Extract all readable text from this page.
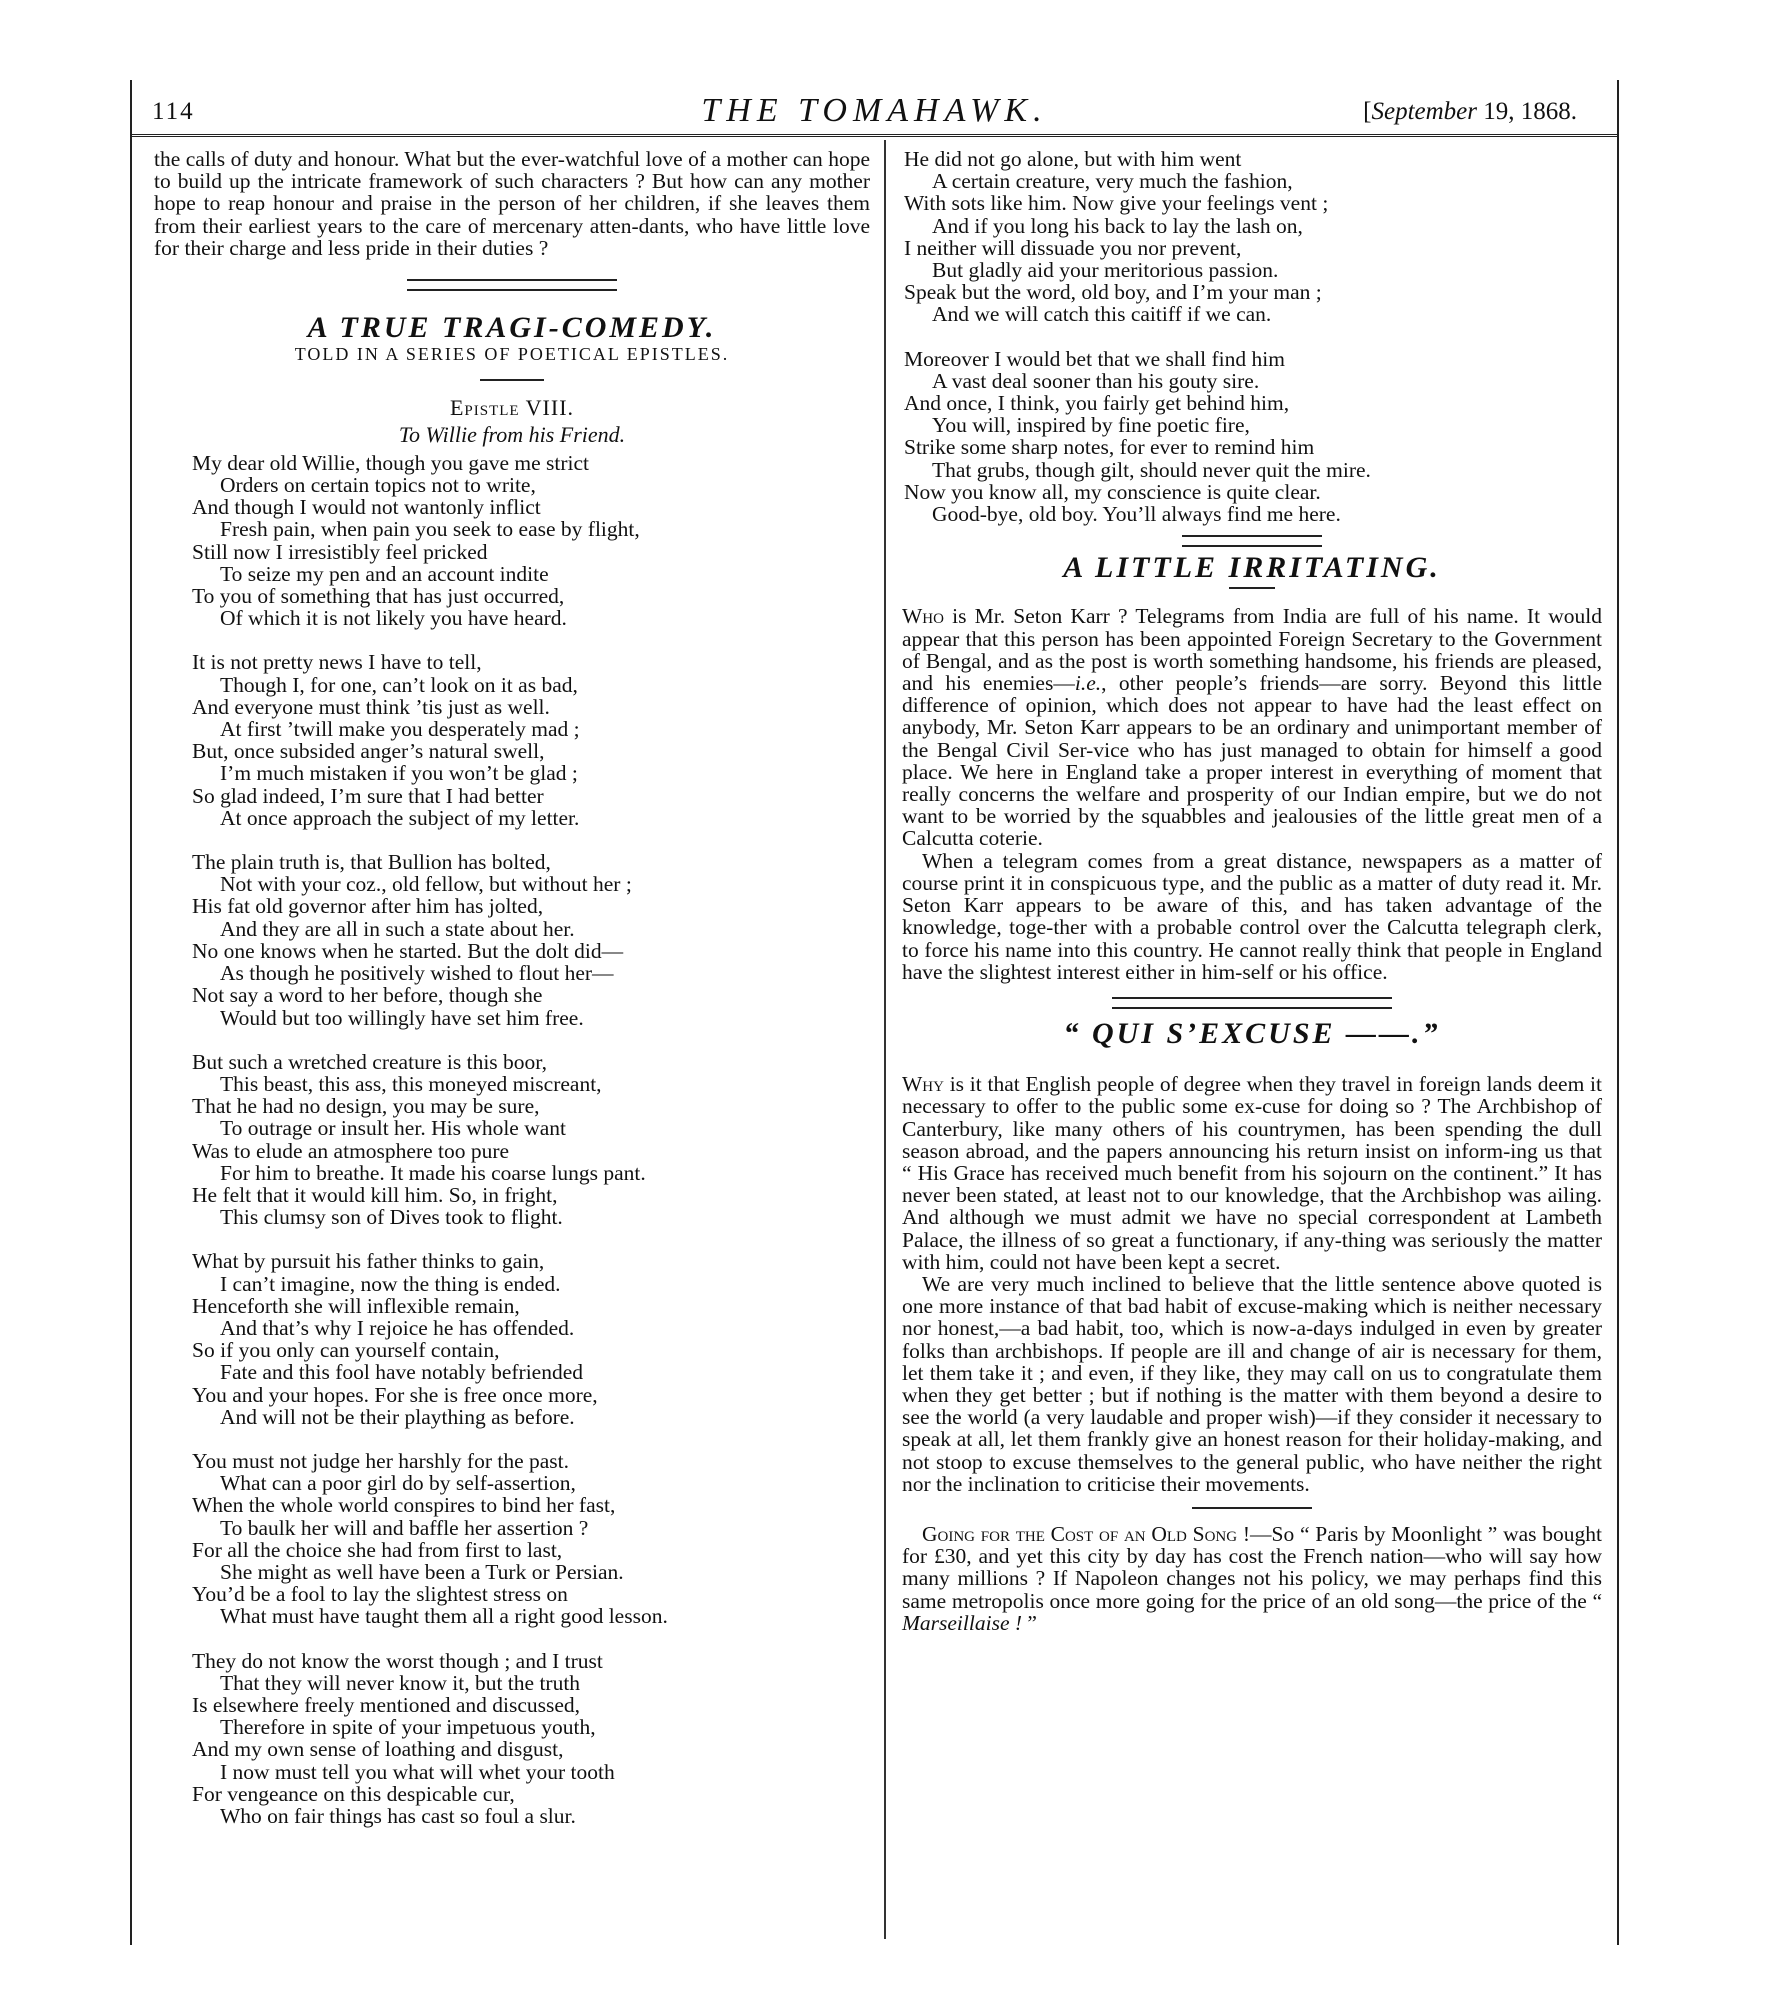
114	THE TOMAHAWK.	[September 19, 1868.

the calls of duty and honour. What but the ever-watchful love of a mother can hope to build up the intricate framework of such characters ? But how can any mother hope to reap honour and praise in the person of her children, if she leaves them from their earliest years to the care of mercenary atten-dants, who have little love for their charge and less pride in their duties ?

A TRUE TRAGI-COMEDY.

TOLD IN A SERIES OF POETICAL EPISTLES.

Epistle VIII.

To Willie from his Friend.

My dear old Willie, though you gave me strict
Orders on certain topics not to write,
And though I would not wantonly inflict
Fresh pain, when pain you seek to ease by flight,
Still now I irresistibly feel pricked
To seize my pen and an account indite
To you of something that has just occurred,
Of which it is not likely you have heard.
It is not pretty news I have to tell,
Though I, for one, can’t look on it as bad,
And everyone must think ’tis just as well.
At first ’twill make you desperately mad ;
But, once subsided anger’s natural swell,
I’m much mistaken if you won’t be glad ;
So glad indeed, I’m sure that I had better
At once approach the subject of my letter.
The plain truth is, that Bullion has bolted,
Not with your coz., old fellow, but without her ;
His fat old governor after him has jolted,
And they are all in such a state about her.
No one knows when he started. But the dolt did—
As though he positively wished to flout her—
Not say a word to her before, though she
Would but too willingly have set him free.
But such a wretched creature is this boor,
This beast, this ass, this moneyed miscreant,
That he had no design, you may be sure,
To outrage or insult her. His whole want
Was to elude an atmosphere too pure
For him to breathe. It made his coarse lungs pant.
He felt that it would kill him. So, in fright,
This clumsy son of Dives took to flight.
What by pursuit his father thinks to gain,
I can’t imagine, now the thing is ended.
Henceforth she will inflexible remain,
And that’s why I rejoice he has offended.
So if you only can yourself contain,
Fate and this fool have notably befriended
You and your hopes. For she is free once more,
And will not be their plaything as before.
You must not judge her harshly for the past.
What can a poor girl do by self-assertion,
When the whole world conspires to bind her fast,
To baulk her will and baffle her assertion ?
For all the choice she had from first to last,
She might as well have been a Turk or Persian.
You’d be a fool to lay the slightest stress on
What must have taught them all a right good lesson.
They do not know the worst though ; and I trust
That they will never know it, but the truth
Is elsewhere freely mentioned and discussed,
Therefore in spite of your impetuous youth,
And my own sense of loathing and disgust,
I now must tell you what will whet your tooth
For vengeance on this despicable cur,
Who on fair things has cast so foul a slur.
He did not go alone, but with him went
A certain creature, very much the fashion,
With sots like him. Now give your feelings vent ;
And if you long his back to lay the lash on,
I neither will dissuade you nor prevent,
But gladly aid your meritorious passion.
Speak but the word, old boy, and I’m your man ;
And we will catch this caitiff if we can.
Moreover I would bet that we shall find him
A vast deal sooner than his gouty sire.
And once, I think, you fairly get behind him,
You will, inspired by fine poetic fire,
Strike some sharp notes, for ever to remind him
That grubs, though gilt, should never quit the mire.
Now you know all, my conscience is quite clear.
Good-bye, old boy. You’ll always find me here.
A LITTLE IRRITATING.

Who is Mr. Seton Karr ? Telegrams from India are full of his name. It would appear that this person has been appointed Foreign Secretary to the Government of Bengal, and as the post is worth something handsome, his friends are pleased, and his enemies—i.e., other people’s friends—are sorry. Beyond this little difference of opinion, which does not appear to have had the least effect on anybody, Mr. Seton Karr appears to be an ordinary and unimportant member of the Bengal Civil Ser-vice who has just managed to obtain for himself a good place. We here in England take a proper interest in everything of moment that really concerns the welfare and prosperity of our Indian empire, but we do not want to be worried by the squabbles and jealousies of the little great men of a Calcutta coterie.

When a telegram comes from a great distance, newspapers as a matter of course print it in conspicuous type, and the public as a matter of duty read it. Mr. Seton Karr appears to be aware of this, and has taken advantage of the knowledge, toge-ther with a probable control over the Calcutta telegraph clerk, to force his name into this country. He cannot really think that people in England have the slightest interest either in him-self or his office.

“ QUI S’EXCUSE ——.”

Why is it that English people of degree when they travel in foreign lands deem it necessary to offer to the public some ex-cuse for doing so ? The Archbishop of Canterbury, like many others of his countrymen, has been spending the dull season abroad, and the papers announcing his return insist on inform-ing us that “ His Grace has received much benefit from his sojourn on the continent.” It has never been stated, at least not to our knowledge, that the Archbishop was ailing. And although we must admit we have no special correspondent at Lambeth Palace, the illness of so great a functionary, if any-thing was seriously the matter with him, could not have been kept a secret.

We are very much inclined to believe that the little sentence above quoted is one more instance of that bad habit of excuse-making which is neither necessary nor honest,—a bad habit, too, which is now-a-days indulged in even by greater folks than archbishops. If people are ill and change of air is necessary for them, let them take it ; and even, if they like, they may call on us to congratulate them when they get better ; but if nothing is the matter with them beyond a desire to see the world (a very laudable and proper wish)—if they consider it necessary to speak at all, let them frankly give an honest reason for their holiday-making, and not stoop to excuse themselves to the general public, who have neither the right nor the inclination to criticise their movements.

Going for the Cost of an Old Song !—So “ Paris by Moonlight ” was bought for £30, and yet this city by day has cost the French nation—who will say how many millions ? If Napoleon changes not his policy, we may perhaps find this same metropolis once more going for the price of an old song—the price of the “ Marseillaise ! ”
